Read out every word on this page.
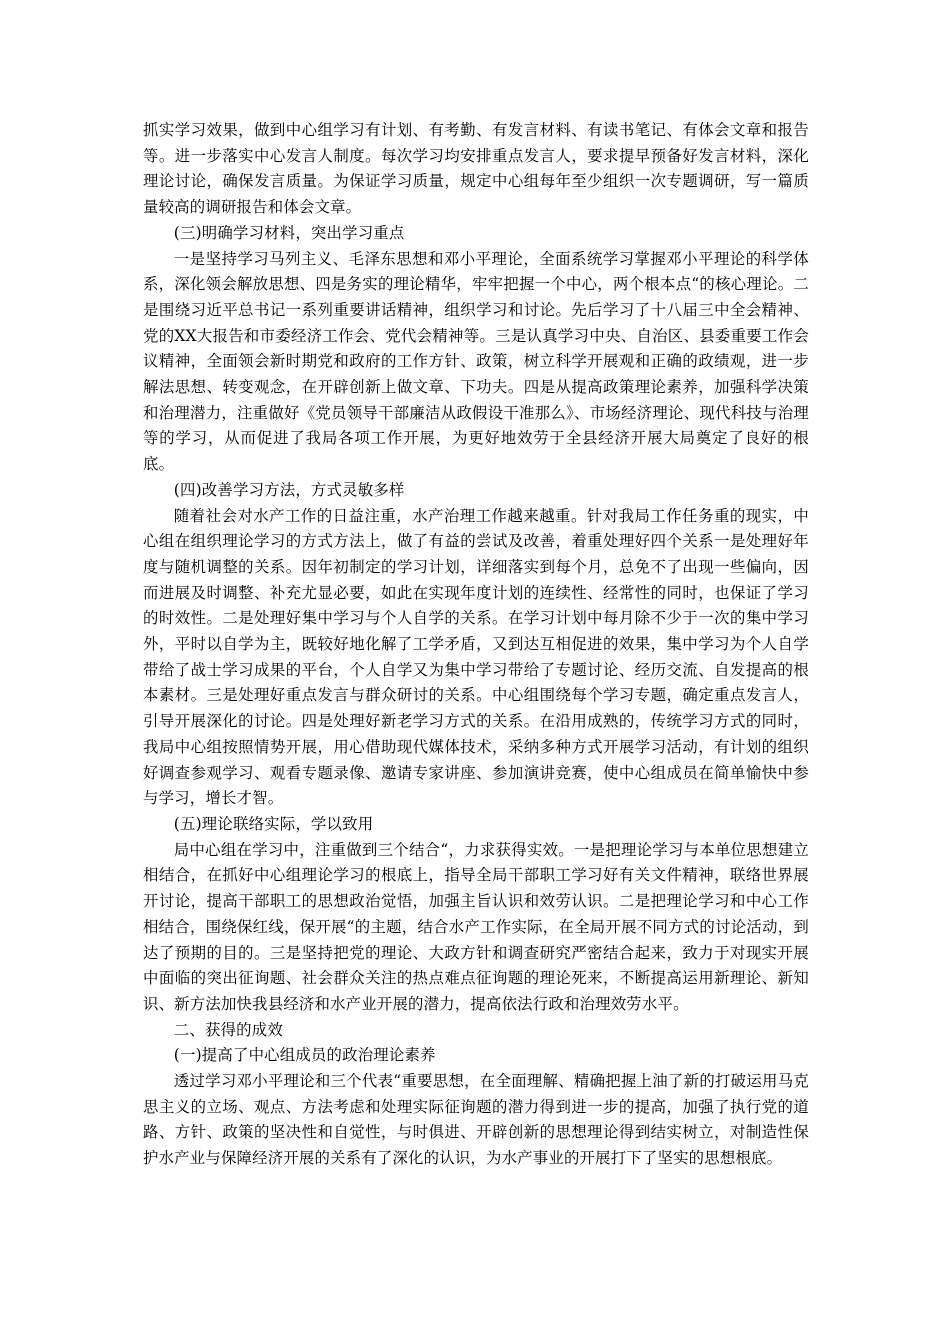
抓实学习效果，做到中心组学习有计划、有考勤、有发言材料、有读书笔记、有体会文章和报告等。进一步落实中心发言人制度。每次学习均安排重点发言人，要求提早预备好发言材料，深化理论讨论，确保发言质量。为保证学习质量，规定中心组每年至少组织一次专题调研，写一篇质量较高的调研报告和体会文章。

(三)明确学习材料，突出学习重点

一是坚持学习马列主义、毛泽东思想和邓小平理论，全面系统学习掌握邓小平理论的科学体系，深化领会解放思想、四是务实的理论精华，牢牢把握一个中心，两个根本点“的核心理论。二是围绕习近平总书记一系列重要讲话精神，组织学习和讨论。先后学习了十八届三中全会精神、党的XX大报告和市委经济工作会、党代会精神等。三是认真学习中央、自治区、县委重要工作会议精神，全面领会新时期党和政府的工作方针、政策，树立科学开展观和正确的政绩观，进一步解法思想、转变观念，在开辟创新上做文章、下功夫。四是从提高政策理论素养，加强科学决策和治理潜力，注重做好《党员领导干部廉洁从政假设干准那么》、市场经济理论、现代科技与治理等的学习，从而促进了我局各项工作开展，为更好地效劳于全县经济开展大局奠定了良好的根底。

(四)改善学习方法，方式灵敏多样

随着社会对水产工作的日益注重，水产治理工作越来越重。针对我局工作任务重的现实，中心组在组织理论学习的方式方法上，做了有益的尝试及改善，着重处理好四个关系一是处理好年度与随机调整的关系。因年初制定的学习计划，详细落实到每个月，总免不了出现一些偏向，因而进展及时调整、补充尤显必要，如此在实现年度计划的连续性、经常性的同时，也保证了学习的时效性。二是处理好集中学习与个人自学的关系。在学习计划中每月除不少于一次的集中学习外，平时以自学为主，既较好地化解了工学矛盾，又到达互相促进的效果，集中学习为个人自学带给了战士学习成果的平台，个人自学又为集中学习带给了专题讨论、经历交流、自发提高的根本素材。三是处理好重点发言与群众研讨的关系。中心组围绕每个学习专题，确定重点发言人，引导开展深化的讨论。四是处理好新老学习方式的关系。在沿用成熟的，传统学习方式的同时，我局中心组按照情势开展，用心借助现代媒体技术，采纳多种方式开展学习活动，有计划的组织好调查参观学习、观看专题录像、邀请专家讲座、参加演讲竞赛，使中心组成员在简单愉快中参与学习，增长才智。

(五)理论联络实际，学以致用

局中心组在学习中，注重做到三个结合“，力求获得实效。一是把理论学习与本单位思想建立相结合，在抓好中心组理论学习的根底上，指导全局干部职工学习好有关文件精神，联络世界展开讨论，提高干部职工的思想政治觉悟，加强主旨认识和效劳认识。二是把理论学习和中心工作相结合，围绕保红线，保开展“的主题，结合水产工作实际，在全局开展不同方式的讨论活动，到达了预期的目的。三是坚持把党的理论、大政方针和调查研究严密结合起来，致力于对现实开展中面临的突出征询题、社会群众关注的热点难点征询题的理论死来，不断提高运用新理论、新知识、新方法加快我县经济和水产业开展的潜力，提高依法行政和治理效劳水平。

二、获得的成效

(一)提高了中心组成员的政治理论素养

透过学习邓小平理论和三个代表“重要思想，在全面理解、精确把握上油了新的打破运用马克思主义的立场、观点、方法考虑和处理实际征询题的潜力得到进一步的提高，加强了执行党的道路、方针、政策的坚决性和自觉性，与时俱进、开辟创新的思想理论得到结实树立，对制造性保护水产业与保障经济开展的关系有了深化的认识，为水产事业的开展打下了坚实的思想根底。
